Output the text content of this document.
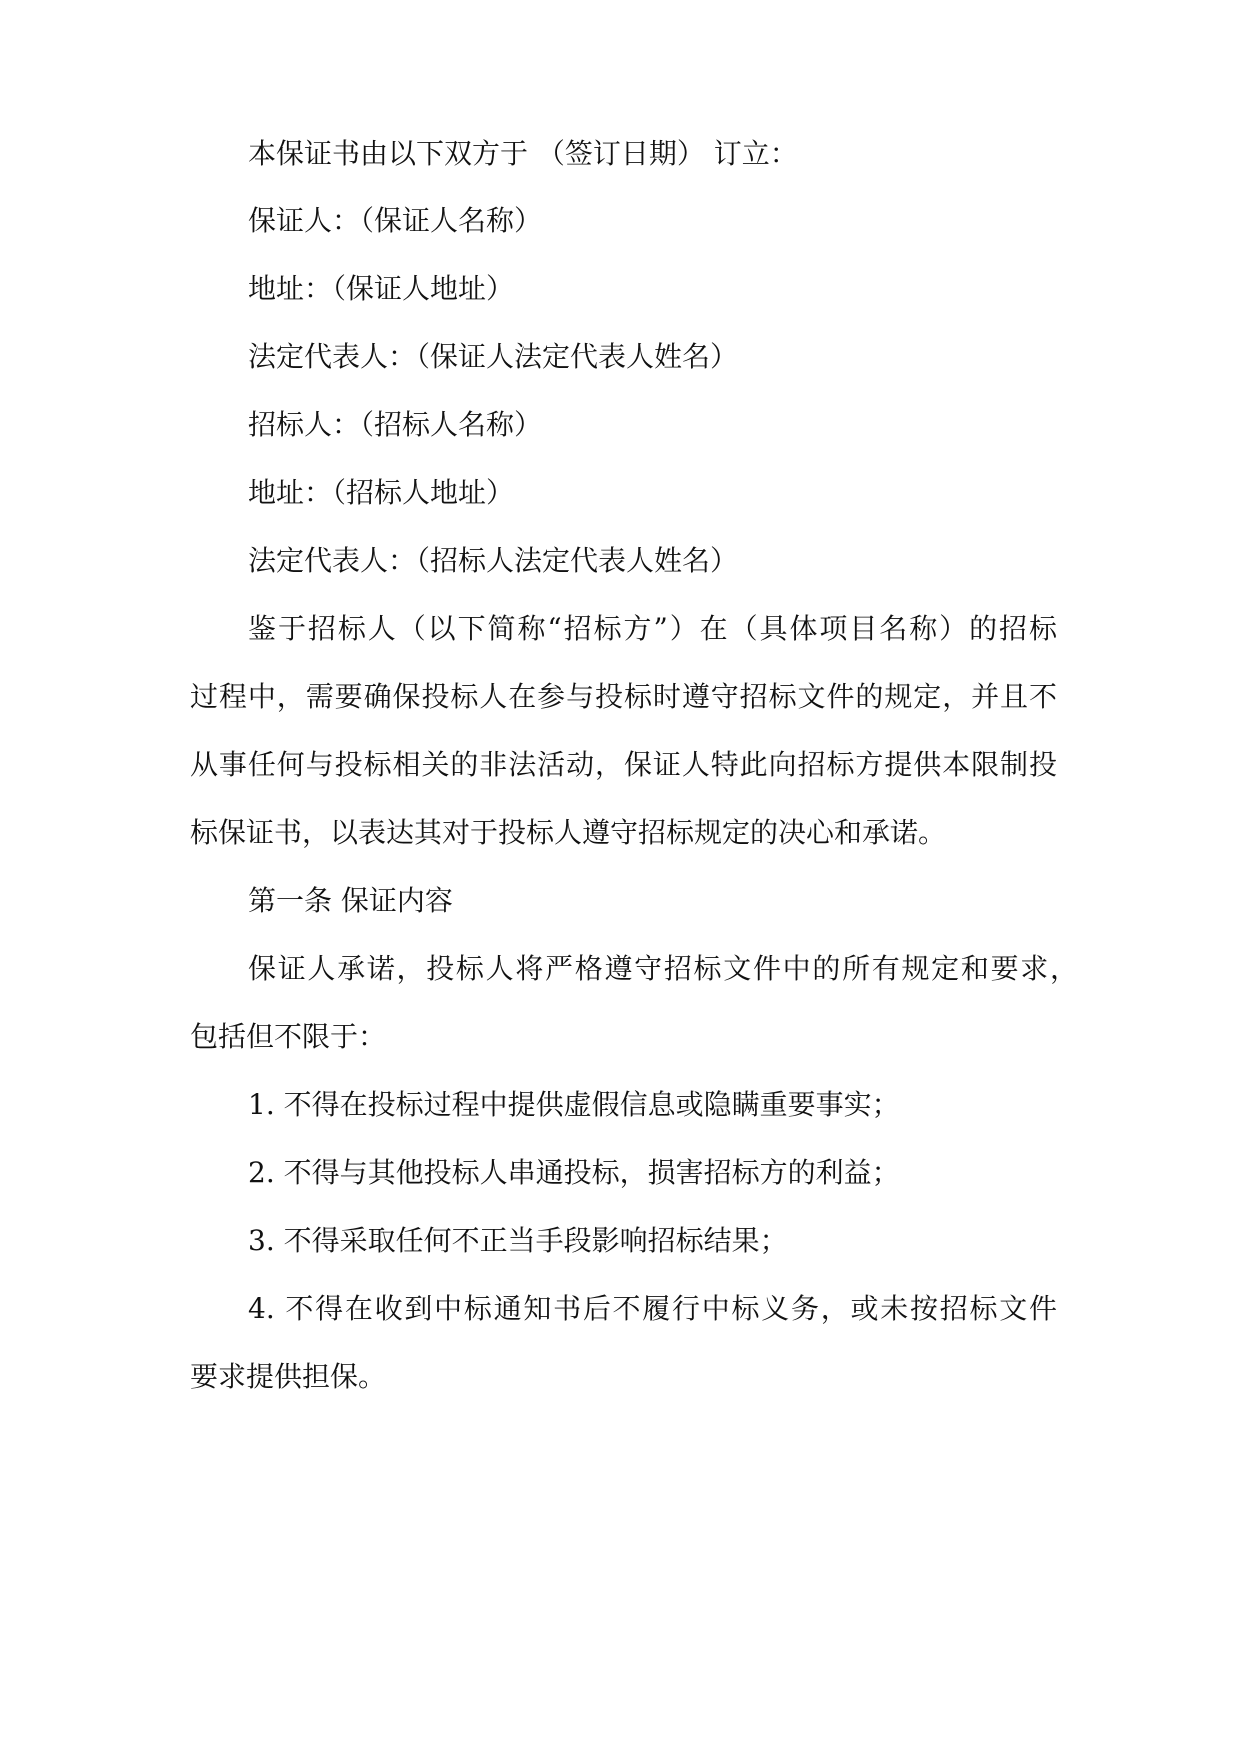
本保证书由以下双方于 （签订日期） 订立：
保证人：（保证人名称）
地址：（保证人地址）
法定代表人：（保证人法定代表人姓名）
招标人：（招标人名称）
地址：（招标人地址）
法定代表人：（招标人法定代表人姓名）
鉴于招标人（以下简称“招标方”）在（具体项目名称）的招标
过程中，需要确保投标人在参与投标时遵守招标文件的规定，并且不
从事任何与投标相关的非法活动，保证人特此向招标方提供本限制投
标保证书，以表达其对于投标人遵守招标规定的决心和承诺。
第一条 保证内容
保证人承诺，投标人将严格遵守招标文件中的所有规定和要求，
包括但不限于：
1. 不得在投标过程中提供虚假信息或隐瞒重要事实；
2. 不得与其他投标人串通投标，损害招标方的利益；
3. 不得采取任何不正当手段影响招标结果；
4. 不得在收到中标通知书后不履行中标义务，或未按招标文件
要求提供担保。
